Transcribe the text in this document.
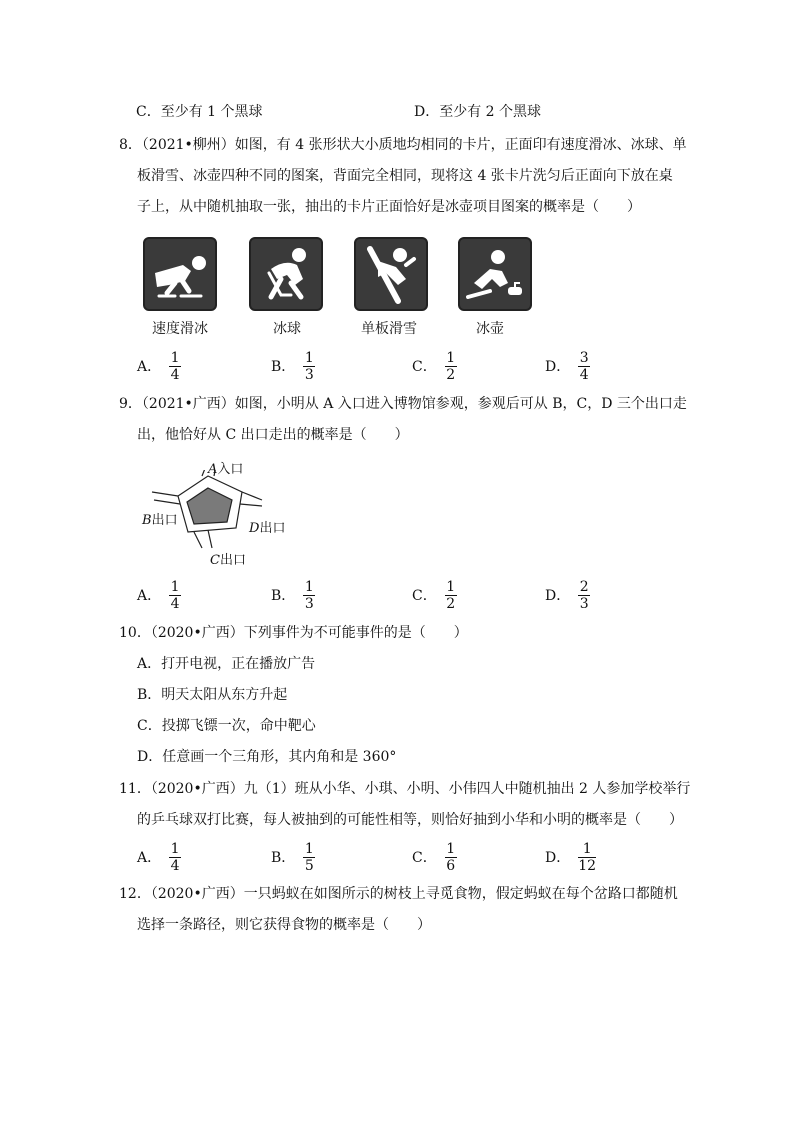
C．至少有 1 个黑球	D．至少有 2 个黑球
8．（2021•柳州）如图，有 4 张形状大小质地均相同的卡片，正面印有速度滑冰、冰球、单
板滑雪、冰壶四种不同的图案，背面完全相同，现将这 4 张卡片洗匀后正面向下放在桌
子上，从中随机抽取一张，抽出的卡片正面恰好是冰壶项目图案的概率是（　　）
速度滑冰	冰球	单板滑雪	冰壶
A． $\frac{1}{4}$	B． $\frac{1}{3}$	C． $\frac{1}{2}$	D． $\frac{3}{4}$
9．（2021•广西）如图，小明从 A 入口进入博物馆参观，参观后可从 B，C，D 三个出口走
出，他恰好从 C 出口走出的概率是（　　）
A入口
B出口
D出口
C出口
A． $\frac{1}{4}$	B． $\frac{1}{3}$	C． $\frac{1}{2}$	D． $\frac{2}{3}$
10．（2020•广西）下列事件为不可能事件的是（　　）
A．打开电视，正在播放广告
B．明天太阳从东方升起
C．投掷飞镖一次，命中靶心
D．任意画一个三角形，其内角和是 360°
11．（2020•广西）九（1）班从小华、小琪、小明、小伟四人中随机抽出 2 人参加学校举行
的乒乓球双打比赛，每人被抽到的可能性相等，则恰好抽到小华和小明的概率是（　　）
A． $\frac{1}{4}$	B． $\frac{1}{5}$	C． $\frac{1}{6}$	D． $\frac{1}{12}$
12．（2020•广西）一只蚂蚁在如图所示的树枝上寻觅食物，假定蚂蚁在每个岔路口都随机
选择一条路径，则它获得食物的概率是（　　）
